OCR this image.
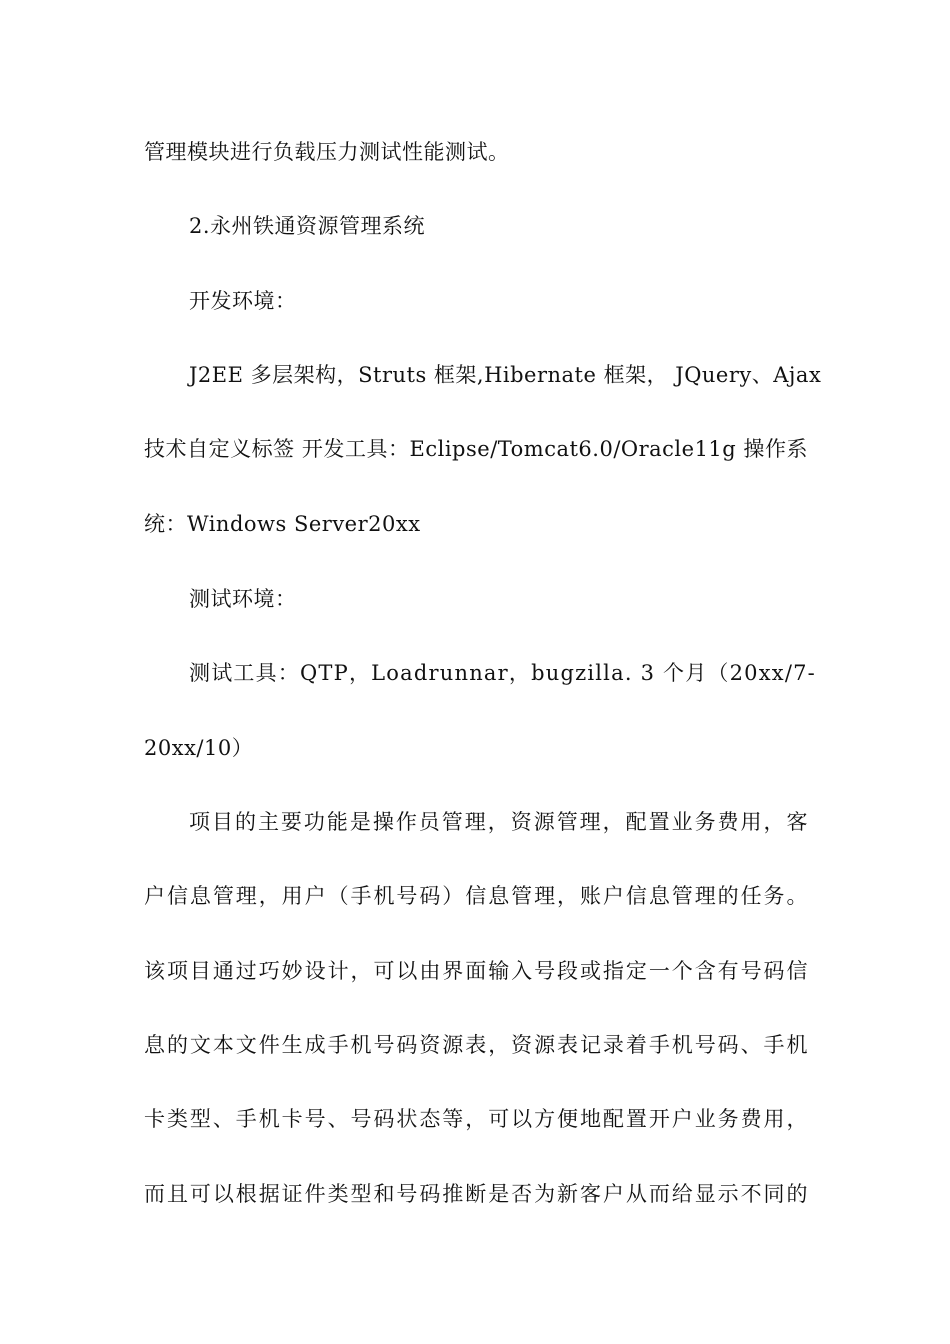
管理模块进行负载压力测试性能测试。
2.永州铁通资源管理系统
开发环境：
J2EE 多层架构，Struts 框架,Hibernate 框架， JQuery、Ajax
技术自定义标签 开发工具：Eclipse/Tomcat6.0/Oracle11g 操作系
统：Windows Server20xx
测试环境：
测试工具：QTP，Loadrunnar，bugzilla. 3 个月（20xx/7-
20xx/10）
项目的主要功能是操作员管理，资源管理，配置业务费用，客
户信息管理，用户（手机号码）信息管理，账户信息管理的任务。
该项目通过巧妙设计，可以由界面输入号段或指定一个含有号码信
息的文本文件生成手机号码资源表，资源表记录着手机号码、手机
卡类型、手机卡号、号码状态等，可以方便地配置开户业务费用，
而且可以根据证件类型和号码推断是否为新客户从而给显示不同的
